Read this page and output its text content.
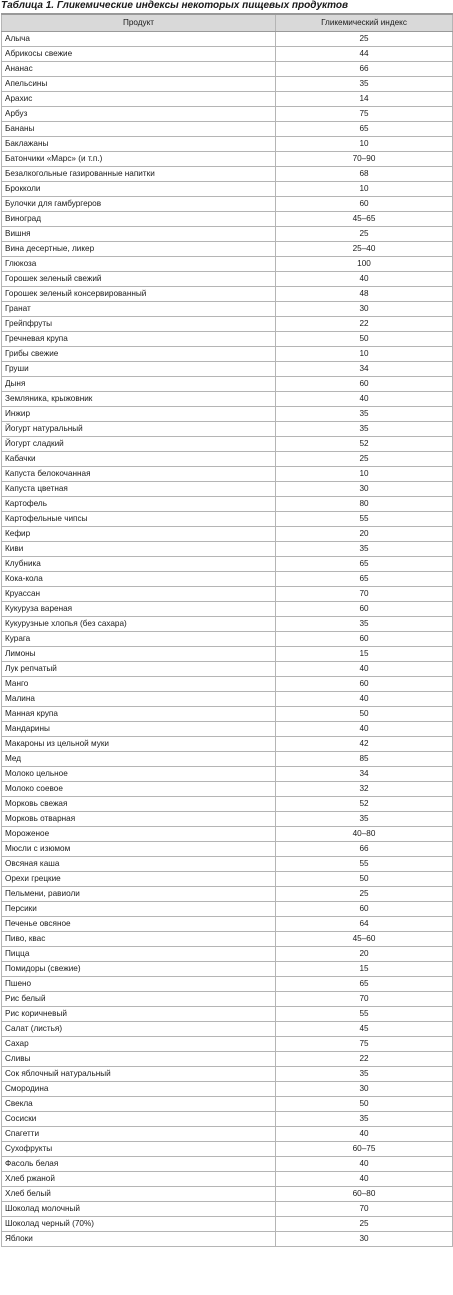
Таблица 1. Гликемические индексы некоторых пищевых продуктов
Продукт	Гликемический индекс
Алыча	25
Абрикосы свежие	44
Ананас	66
Апельсины	35
Арахис	14
Арбуз	75
Бананы	65
Баклажаны	10
Батончики «Марс» (и т.п.)	70–90
Безалкогольные газированные напитки	68
Брокколи	10
Булочки для гамбургеров	60
Виноград	45–65
Вишня	25
Вина десертные, ликер	25–40
Глюкоза	100
Горошек зеленый свежий	40
Горошек зеленый консервированный	48
Гранат	30
Грейпфруты	22
Гречневая крупа	50
Грибы свежие	10
Груши	34
Дыня	60
Земляника, крыжовник	40
Инжир	35
Йогурт натуральный	35
Йогурт сладкий	52
Кабачки	25
Капуста белокочанная	10
Капуста цветная	30
Картофель	80
Картофельные чипсы	55
Кефир	20
Киви	35
Клубника	65
Кока-кола	65
Круассан	70
Кукуруза вареная	60
Кукурузные хлопья (без сахара)	35
Курага	60
Лимоны	15
Лук репчатый	40
Манго	60
Малина	40
Манная крупа	50
Мандарины	40
Макароны из цельной муки	42
Мед	85
Молоко цельное	34
Молоко соевое	32
Морковь свежая	52
Морковь отварная	35
Мороженое	40–80
Мюсли с изюмом	66
Овсяная каша	55
Орехи грецкие	50
Пельмени, равиоли	25
Персики	60
Печенье овсяное	64
Пиво, квас	45–60
Пицца	20
Помидоры (свежие)	15
Пшено	65
Рис белый	70
Рис коричневый	55
Салат (листья)	45
Сахар	75
Сливы	22
Сок яблочный натуральный	35
Смородина	30
Свекла	50
Сосиски	35
Спагетти	40
Сухофрукты	60–75
Фасоль белая	40
Хлеб ржаной	40
Хлеб белый	60–80
Шоколад молочный	70
Шоколад черный (70%)	25
Яблоки	30
